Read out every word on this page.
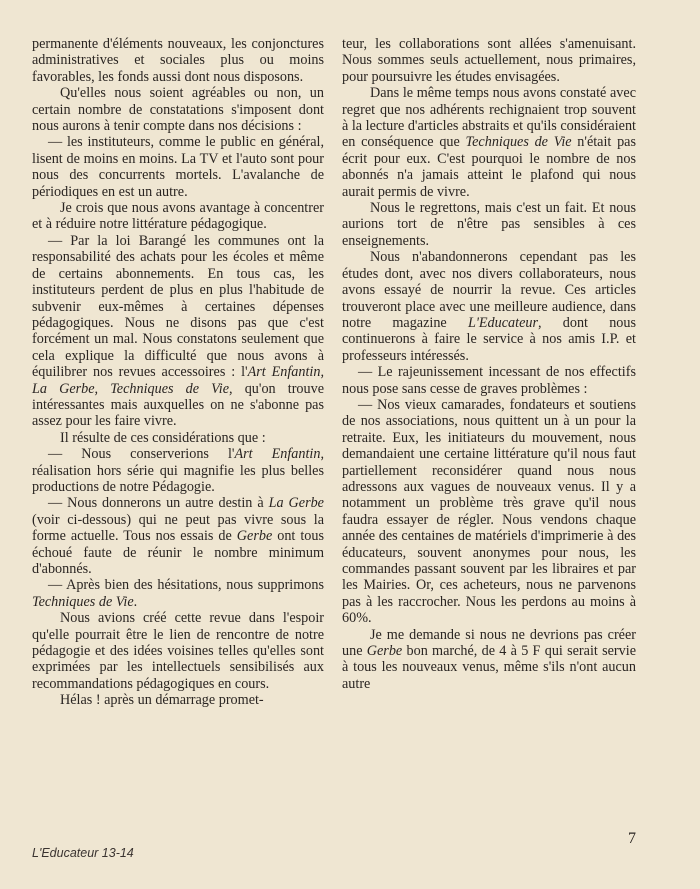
permanente d'éléments nouveaux, les conjonctures administratives et sociales plus ou moins favorables, les fonds aussi dont nous disposons.

Qu'elles nous soient agréables ou non, un certain nombre de constatations s'imposent dont nous aurons à tenir compte dans nos décisions :

— les instituteurs, comme le public en général, lisent de moins en moins. La TV et l'auto sont pour nous des concurrents mortels. L'avalanche de périodiques en est un autre.

Je crois que nous avons avantage à concentrer et à réduire notre littérature pédagogique.

— Par la loi Barangé les communes ont la responsabilité des achats pour les écoles et même de certains abonnements. En tous cas, les instituteurs perdent de plus en plus l'habitude de subvenir eux-mêmes à certaines dépenses pédagogiques. Nous ne disons pas que c'est forcément un mal. Nous constatons seulement que cela explique la difficulté que nous avons à équilibrer nos revues accessoires : l'Art Enfantin, La Gerbe, Techniques de Vie, qu'on trouve intéressantes mais auxquelles on ne s'abonne pas assez pour les faire vivre.

Il résulte de ces considérations que :

— Nous conserverions l'Art Enfantin, réalisation hors série qui magnifie les plus belles productions de notre Pédagogie.

— Nous donnerons un autre destin à La Gerbe (voir ci-dessous) qui ne peut pas vivre sous la forme actuelle. Tous nos essais de Gerbe ont tous échoué faute de réunir le nombre minimum d'abonnés.

— Après bien des hésitations, nous supprimons Techniques de Vie.

Nous avions créé cette revue dans l'espoir qu'elle pourrait être le lien de rencontre de notre pédagogie et des idées voisines telles qu'elles sont exprimées par les intellectuels sensibilisés aux recommandations pédagogiques en cours.

Hélas ! après un démarrage promet-

teur, les collaborations sont allées s'amenuisant. Nous sommes seuls actuellement, nous primaires, pour poursuivre les études envisagées.

Dans le même temps nous avons constaté avec regret que nos adhérents rechignaient trop souvent à la lecture d'articles abstraits et qu'ils considéraient en conséquence que Techniques de Vie n'était pas écrit pour eux. C'est pourquoi le nombre de nos abonnés n'a jamais atteint le plafond qui nous aurait permis de vivre.

Nous le regrettons, mais c'est un fait. Et nous aurions tort de n'être pas sensibles à ces enseignements.

Nous n'abandonnerons cependant pas les études dont, avec nos divers collaborateurs, nous avons essayé de nourrir la revue. Ces articles trouveront place avec une meilleure audience, dans notre magazine L'Educateur, dont nous continuerons à faire le service à nos amis I.P. et professeurs intéressés.

— Le rajeunissement incessant de nos effectifs nous pose sans cesse de graves problèmes :

— Nos vieux camarades, fondateurs et soutiens de nos associations, nous quittent un à un pour la retraite. Eux, les initiateurs du mouvement, nous demandaient une certaine littérature qu'il nous faut partiellement reconsidérer quand nous nous adressons aux vagues de nouveaux venus. Il y a notamment un problème très grave qu'il nous faudra essayer de régler. Nous vendons chaque année des centaines de matériels d'imprimerie à des éducateurs, souvent anonymes pour nous, les commandes passant souvent par les libraires et par les Mairies. Or, ces acheteurs, nous ne parvenons pas à les raccrocher. Nous les perdons au moins à 60%.

Je me demande si nous ne devrions pas créer une Gerbe bon marché, de 4 à 5 F qui serait servie à tous les nouveaux venus, même s'ils n'ont aucun autre

L'Educateur 13-14
7
